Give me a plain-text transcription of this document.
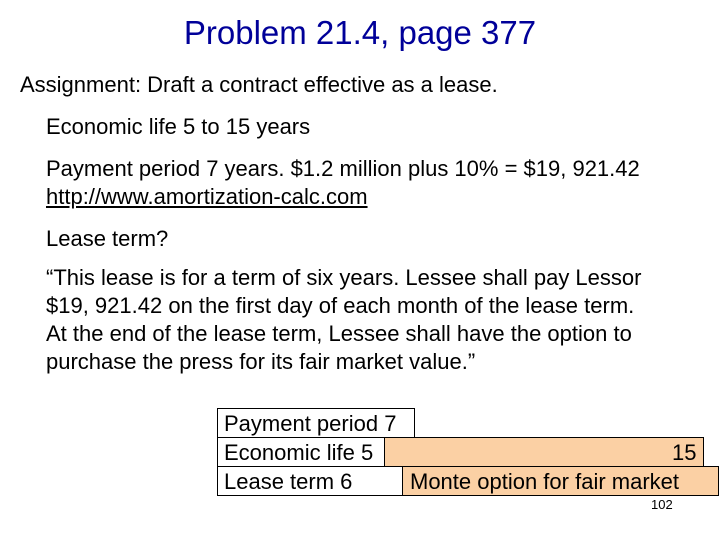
Problem 21.4, page 377
Assignment: Draft a contract effective as a lease.
Economic life 5 to 15 years
Payment period 7 years. $1.2 million plus 10% = $19, 921.42
http://www.amortization-calc.com
Lease term?
“This lease is for a term of six years. Lessee shall pay Lessor
$19, 921.42 on the first day of each month of the lease term.
At the end of the lease term, Lessee shall have the option to
purchase the press for its fair market value.”
Payment period 7
Economic life 5	15
Lease term 6	Monte option for fair market
102
